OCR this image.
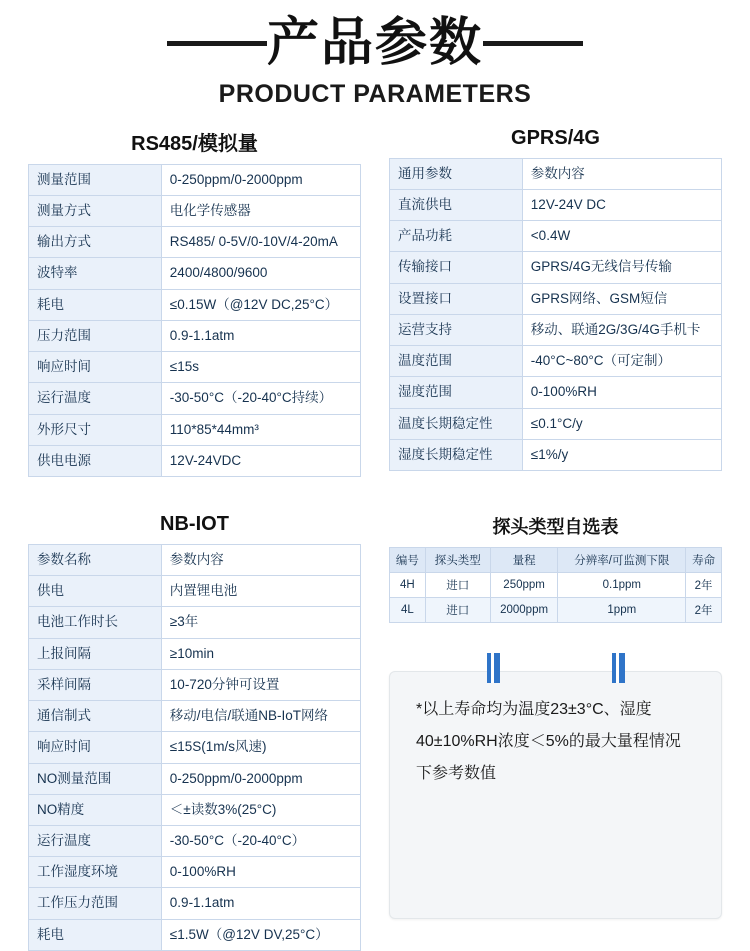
产品参数
PRODUCT PARAMETERS
RS485/模拟量
测量范围	0-250ppm/0-2000ppm
测量方式	电化学传感器
输出方式	RS485/ 0-5V/0-10V/4-20mA
波特率	2400/4800/9600
耗电	≤0.15W（@12V DC,25°C）
压力范围	0.9-1.1atm
响应时间	≤15s
运行温度	-30-50°C（-20-40°C持续）
外形尺寸	110*85*44mm³
供电电源	12V-24VDC
GPRS/4G
通用参数	参数内容
直流供电	12V-24V DC
产品功耗	<0.4W
传输接口	GPRS/4G无线信号传输
设置接口	GPRS网络、GSM短信
运营支持	移动、联通2G/3G/4G手机卡
温度范围	-40°C~80°C（可定制）
湿度范围	0-100%RH
温度长期稳定性	≤0.1°C/y
湿度长期稳定性	≤1%/y
NB-IOT
参数名称	参数内容
供电	内置锂电池
电池工作时长	≥3年
上报间隔	≥10min
采样间隔	10-720分钟可设置
通信制式	移动/电信/联通NB-IoT网络
响应时间	≤15S(1m/s风速)
NO测量范围	0-250ppm/0-2000ppm
NO精度	＜±读数3%(25°C)
运行温度	-30-50°C（-20-40°C）
工作湿度环境	0-100%RH
工作压力范围	0.9-1.1atm
耗电	≤1.5W（@12V DV,25°C）
探头类型自选表
编号	探头类型	量程	分辨率/可监测下限	寿命
4H	进口	250ppm	0.1ppm	2年
4L	进口	2000ppm	1ppm	2年
*以上寿命均为温度23±3°C、湿度40±10%RH浓度＜5%的最大量程情况下参考数值
